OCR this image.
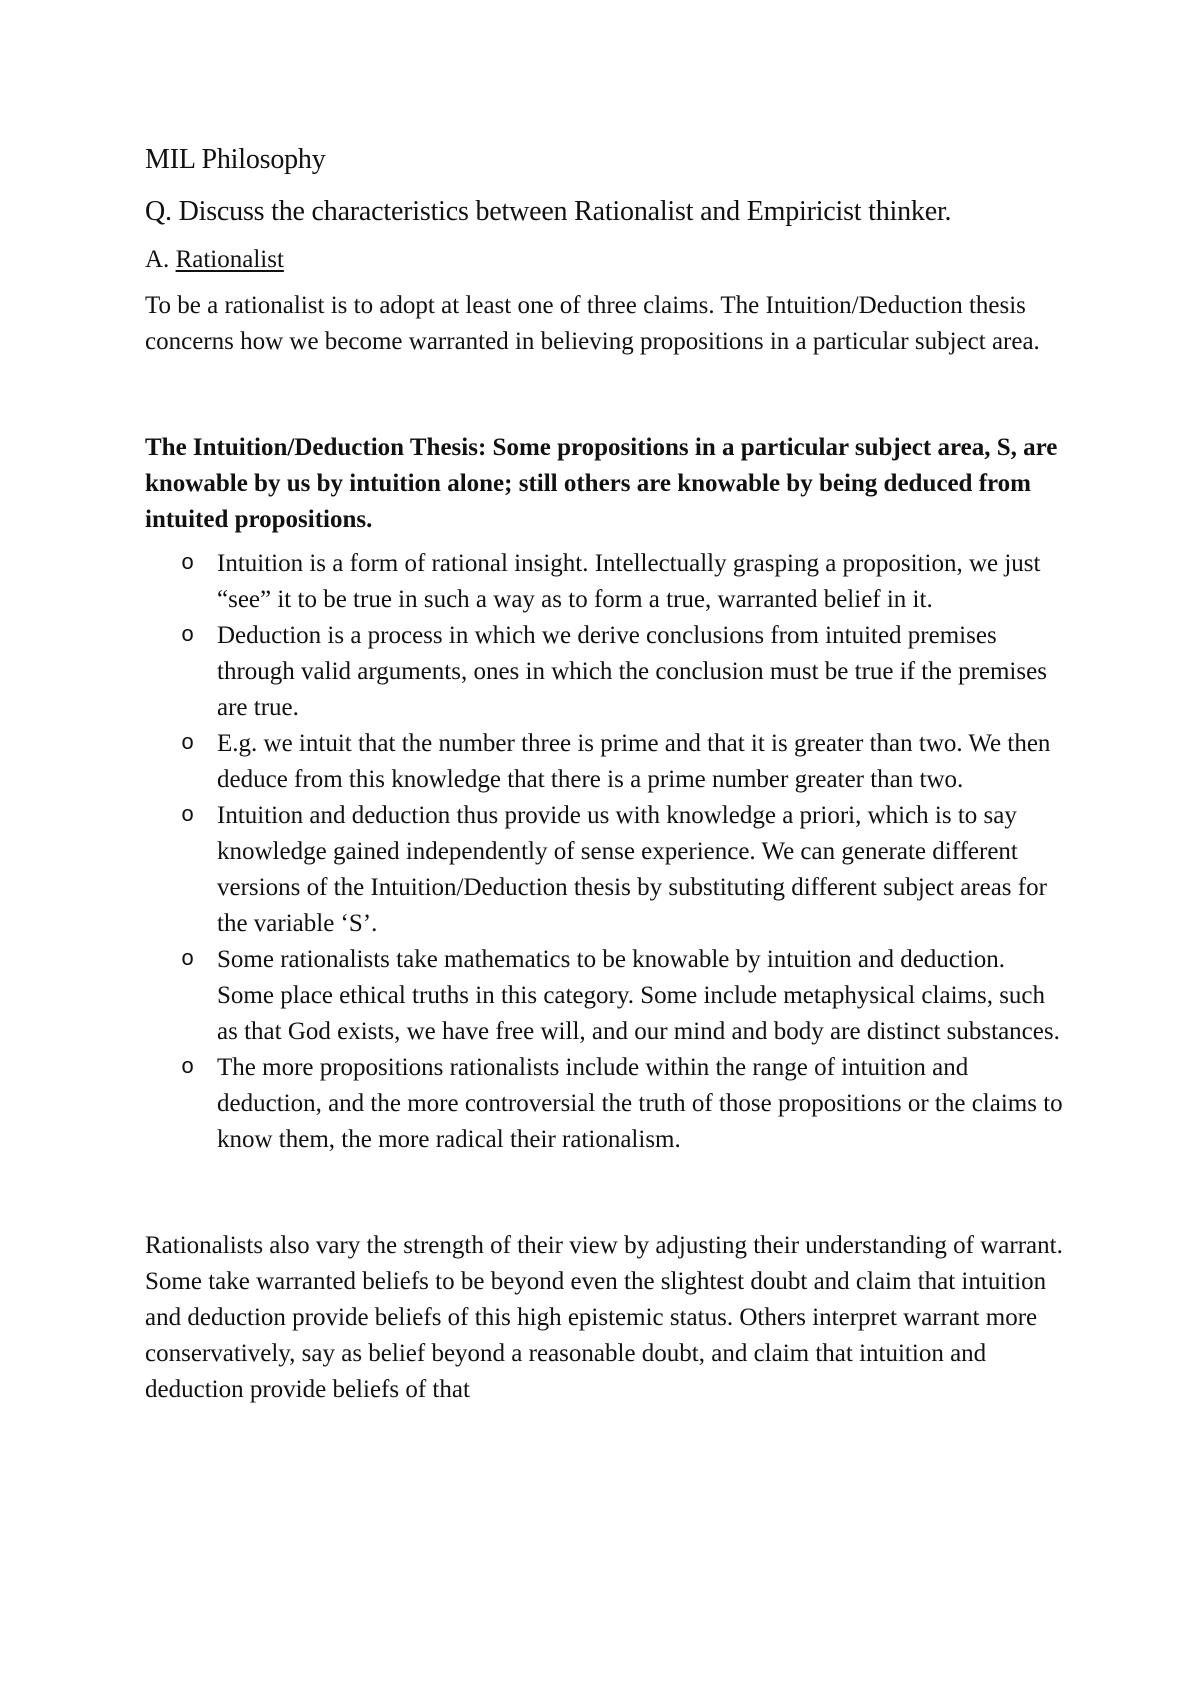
MIL Philosophy
Q. Discuss the characteristics between Rationalist and Empiricist thinker.
A. Rationalist

To be a rationalist is to adopt at least one of three claims. The Intuition/Deduction thesis concerns how we become warranted in believing propositions in a particular subject area.

The Intuition/Deduction Thesis: Some propositions in a particular subject area, S, are knowable by us by intuition alone; still others are knowable by being deduced from intuited propositions.

o Intuition is a form of rational insight. Intellectually grasping a proposition, we just “see” it to be true in such a way as to form a true, warranted belief in it.
o Deduction is a process in which we derive conclusions from intuited premises through valid arguments, ones in which the conclusion must be true if the premises are true.
o E.g. we intuit that the number three is prime and that it is greater than two. We then deduce from this knowledge that there is a prime number greater than two.
o Intuition and deduction thus provide us with knowledge a priori, which is to say knowledge gained independently of sense experience. We can generate different versions of the Intuition/Deduction thesis by substituting different subject areas for the variable ‘S’.
o Some rationalists take mathematics to be knowable by intuition and deduction. Some place ethical truths in this category. Some include metaphysical claims, such as that God exists, we have free will, and our mind and body are distinct substances.
o The more propositions rationalists include within the range of intuition and deduction, and the more controversial the truth of those propositions or the claims to know them, the more radical their rationalism.

Rationalists also vary the strength of their view by adjusting their understanding of warrant. Some take warranted beliefs to be beyond even the slightest doubt and claim that intuition and deduction provide beliefs of this high epistemic status. Others interpret warrant more conservatively, say as belief beyond a reasonable doubt, and claim that intuition and deduction provide beliefs of that
